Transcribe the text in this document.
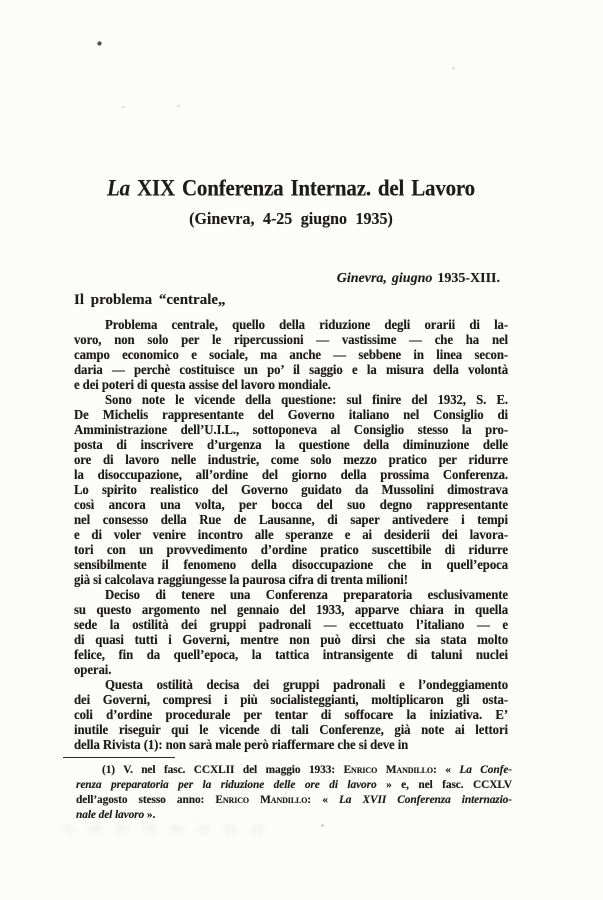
La XIX Conferenza Internaz. del Lavoro
(Ginevra, 4-25 giugno 1935)

Ginevra, giugno 1935-XIII.

Il problema “centrale„
Problema centrale, quello della riduzione degli orarii di la-
voro, non solo per le ripercussioni — vastissime — che ha nel
campo economico e sociale, ma anche — sebbene in linea secon-
daria — perchè costituisce un po’ il saggio e la misura della volontà
e dei poteri di questa assise del lavoro mondiale.
Sono note le vicende della questione: sul finire del 1932, S. E.
De Michelis rappresentante del Governo italiano nel Consiglio di
Amministrazione dell’U.I.L., sottoponeva al Consiglio stesso la pro-
posta di inscrivere d’urgenza la questione della diminuzione delle
ore di lavoro nelle industrie, come solo mezzo pratico per ridurre
la disoccupazione, all’ordine del giorno della prossima Conferenza.
Lo spirito realistico del Governo guidato da Mussolini dimostrava
così ancora una volta, per bocca del suo degno rappresentante
nel consesso della Rue de Lausanne, di saper antivedere i tempi
e di voler venire incontro alle speranze e ai desiderii dei lavora-
tori con un provvedimento d’ordine pratico suscettibile di ridurre
sensibilmente il fenomeno della disoccupazione che in quell’epoca
già si calcolava raggiungesse la paurosa cifra di trenta milioni!
Deciso di tenere una Conferenza preparatoria esclusivamente
su questo argomento nel gennaio del 1933, apparve chiara in quella
sede la ostilità dei gruppi padronali — eccettuato l’italiano — e
di quasi tutti i Governi, mentre non può dirsi che sia stata molto
felice, fin da quell’epoca, la tattica intransigente di taluni nuclei
operai.
Questa ostilità decisa dei gruppi padronali e l’ondeggiamento
dei Governi, compresi i più socialisteggianti, moltiplicaron gli osta-
coli d’ordine procedurale per tentar di soffocare la iniziativa. E’
inutile riseguir qui le vicende di tali Conferenze, già note ai lettori
della Rivista (1): non sarà male però riaffermare che si deve in
(1) V. nel fasc. CCXLII del maggio 1933: Enrico Mandillo: « La Confe-
renza preparatoria per la riduzione delle ore di lavoro » e, nel fasc. CCXLV
dell’agosto stesso anno: Enrico Mandillo: « La XVII Conferenza internazio-
nale del lavoro ».
